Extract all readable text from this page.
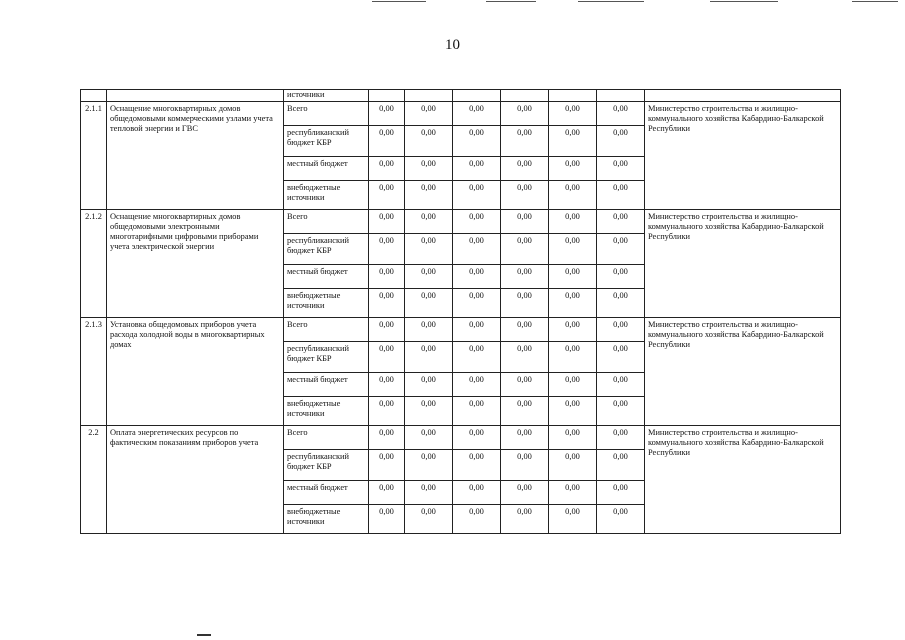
10
		источники							
2.1.1	Оснащение многоквартирных домов общедомовыми коммерческими узлами учета тепловой энергии и ГВС	Всего	0,00	0,00	0,00	0,00	0,00	0,00	Министерство строительства и жилищно-коммунального хозяйства Кабардино-Балкарской Республики
		республиканский бюджет КБР	0,00	0,00	0,00	0,00	0,00	0,00	
		местный бюджет	0,00	0,00	0,00	0,00	0,00	0,00	
		внебюджетные источники	0,00	0,00	0,00	0,00	0,00	0,00	
2.1.2	Оснащение многоквартирных домов общедомовыми электронными многотарифными цифровыми приборами учета электрической энергии	Всего	0,00	0,00	0,00	0,00	0,00	0,00	Министерство строительства и жилищно-коммунального хозяйства Кабардино-Балкарской Республики
		республиканский бюджет КБР	0,00	0,00	0,00	0,00	0,00	0,00	
		местный бюджет	0,00	0,00	0,00	0,00	0,00	0,00	
		внебюджетные источники	0,00	0,00	0,00	0,00	0,00	0,00	
2.1.3	Установка общедомовых приборов учета расхода холодной воды в многоквартирных домах	Всего	0,00	0,00	0,00	0,00	0,00	0,00	Министерство строительства и жилищно-коммунального хозяйства Кабардино-Балкарской Республики
		республиканский бюджет КБР	0,00	0,00	0,00	0,00	0,00	0,00	
		местный бюджет	0,00	0,00	0,00	0,00	0,00	0,00	
		внебюджетные источники	0,00	0,00	0,00	0,00	0,00	0,00	
2.2	Оплата энергетических ресурсов по фактическим показаниям приборов учета	Всего	0,00	0,00	0,00	0,00	0,00	0,00	Министерство строительства и жилищно-коммунального хозяйства Кабардино-Балкарской Республики
		республиканский бюджет КБР	0,00	0,00	0,00	0,00	0,00	0,00	
		местный бюджет	0,00	0,00	0,00	0,00	0,00	0,00	
		внебюджетные источники	0,00	0,00	0,00	0,00	0,00	0,00	
